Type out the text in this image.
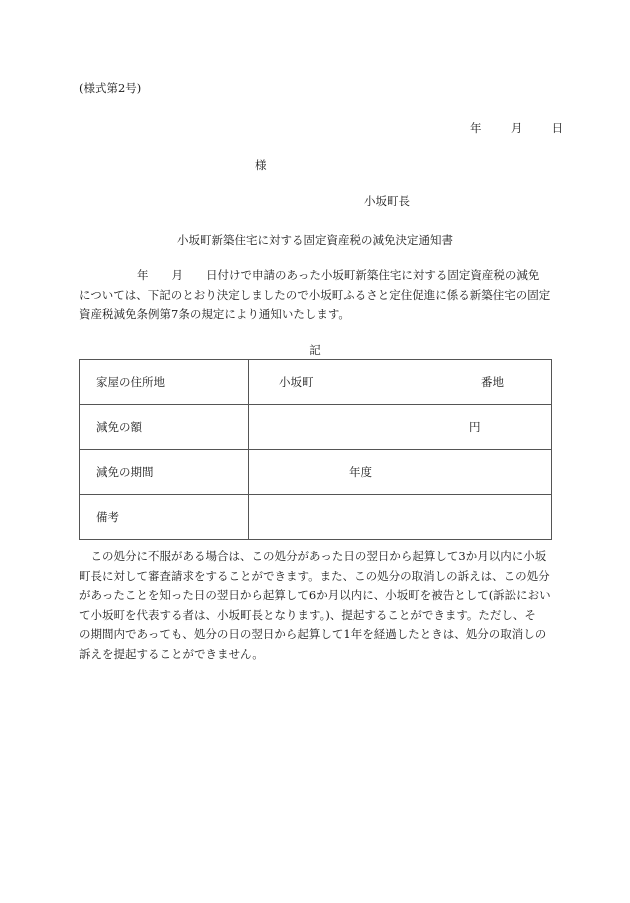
(様式第2号)
年	月	日
様
小坂町長
小坂町新築住宅に対する固定資産税の減免決定通知書

年　　月　　日付けで申請のあった小坂町新築住宅に対する固定資産税の減免

については、下記のとおり決定しましたので小坂町ふるさと定住促進に係る新築住宅の固定

資産税減免条例第7条の規定により通知いたします。

記
家屋の住所地	小坂町 番地

減免の額	円

減免の期間	年度

備考	
　この処分に不服がある場合は、この処分があった日の翌日から起算して3か月以内に小坂
町長に対して審査請求をすることができます。また、この処分の取消しの訴えは、この処分
があったことを知った日の翌日から起算して6か月以内に、小坂町を被告として(訴訟におい
て小坂町を代表する者は、小坂町長となります。)、提起することができます。ただし、そ
の期間内であっても、処分の日の翌日から起算して1年を経過したときは、処分の取消しの
訴えを提起することができません。
